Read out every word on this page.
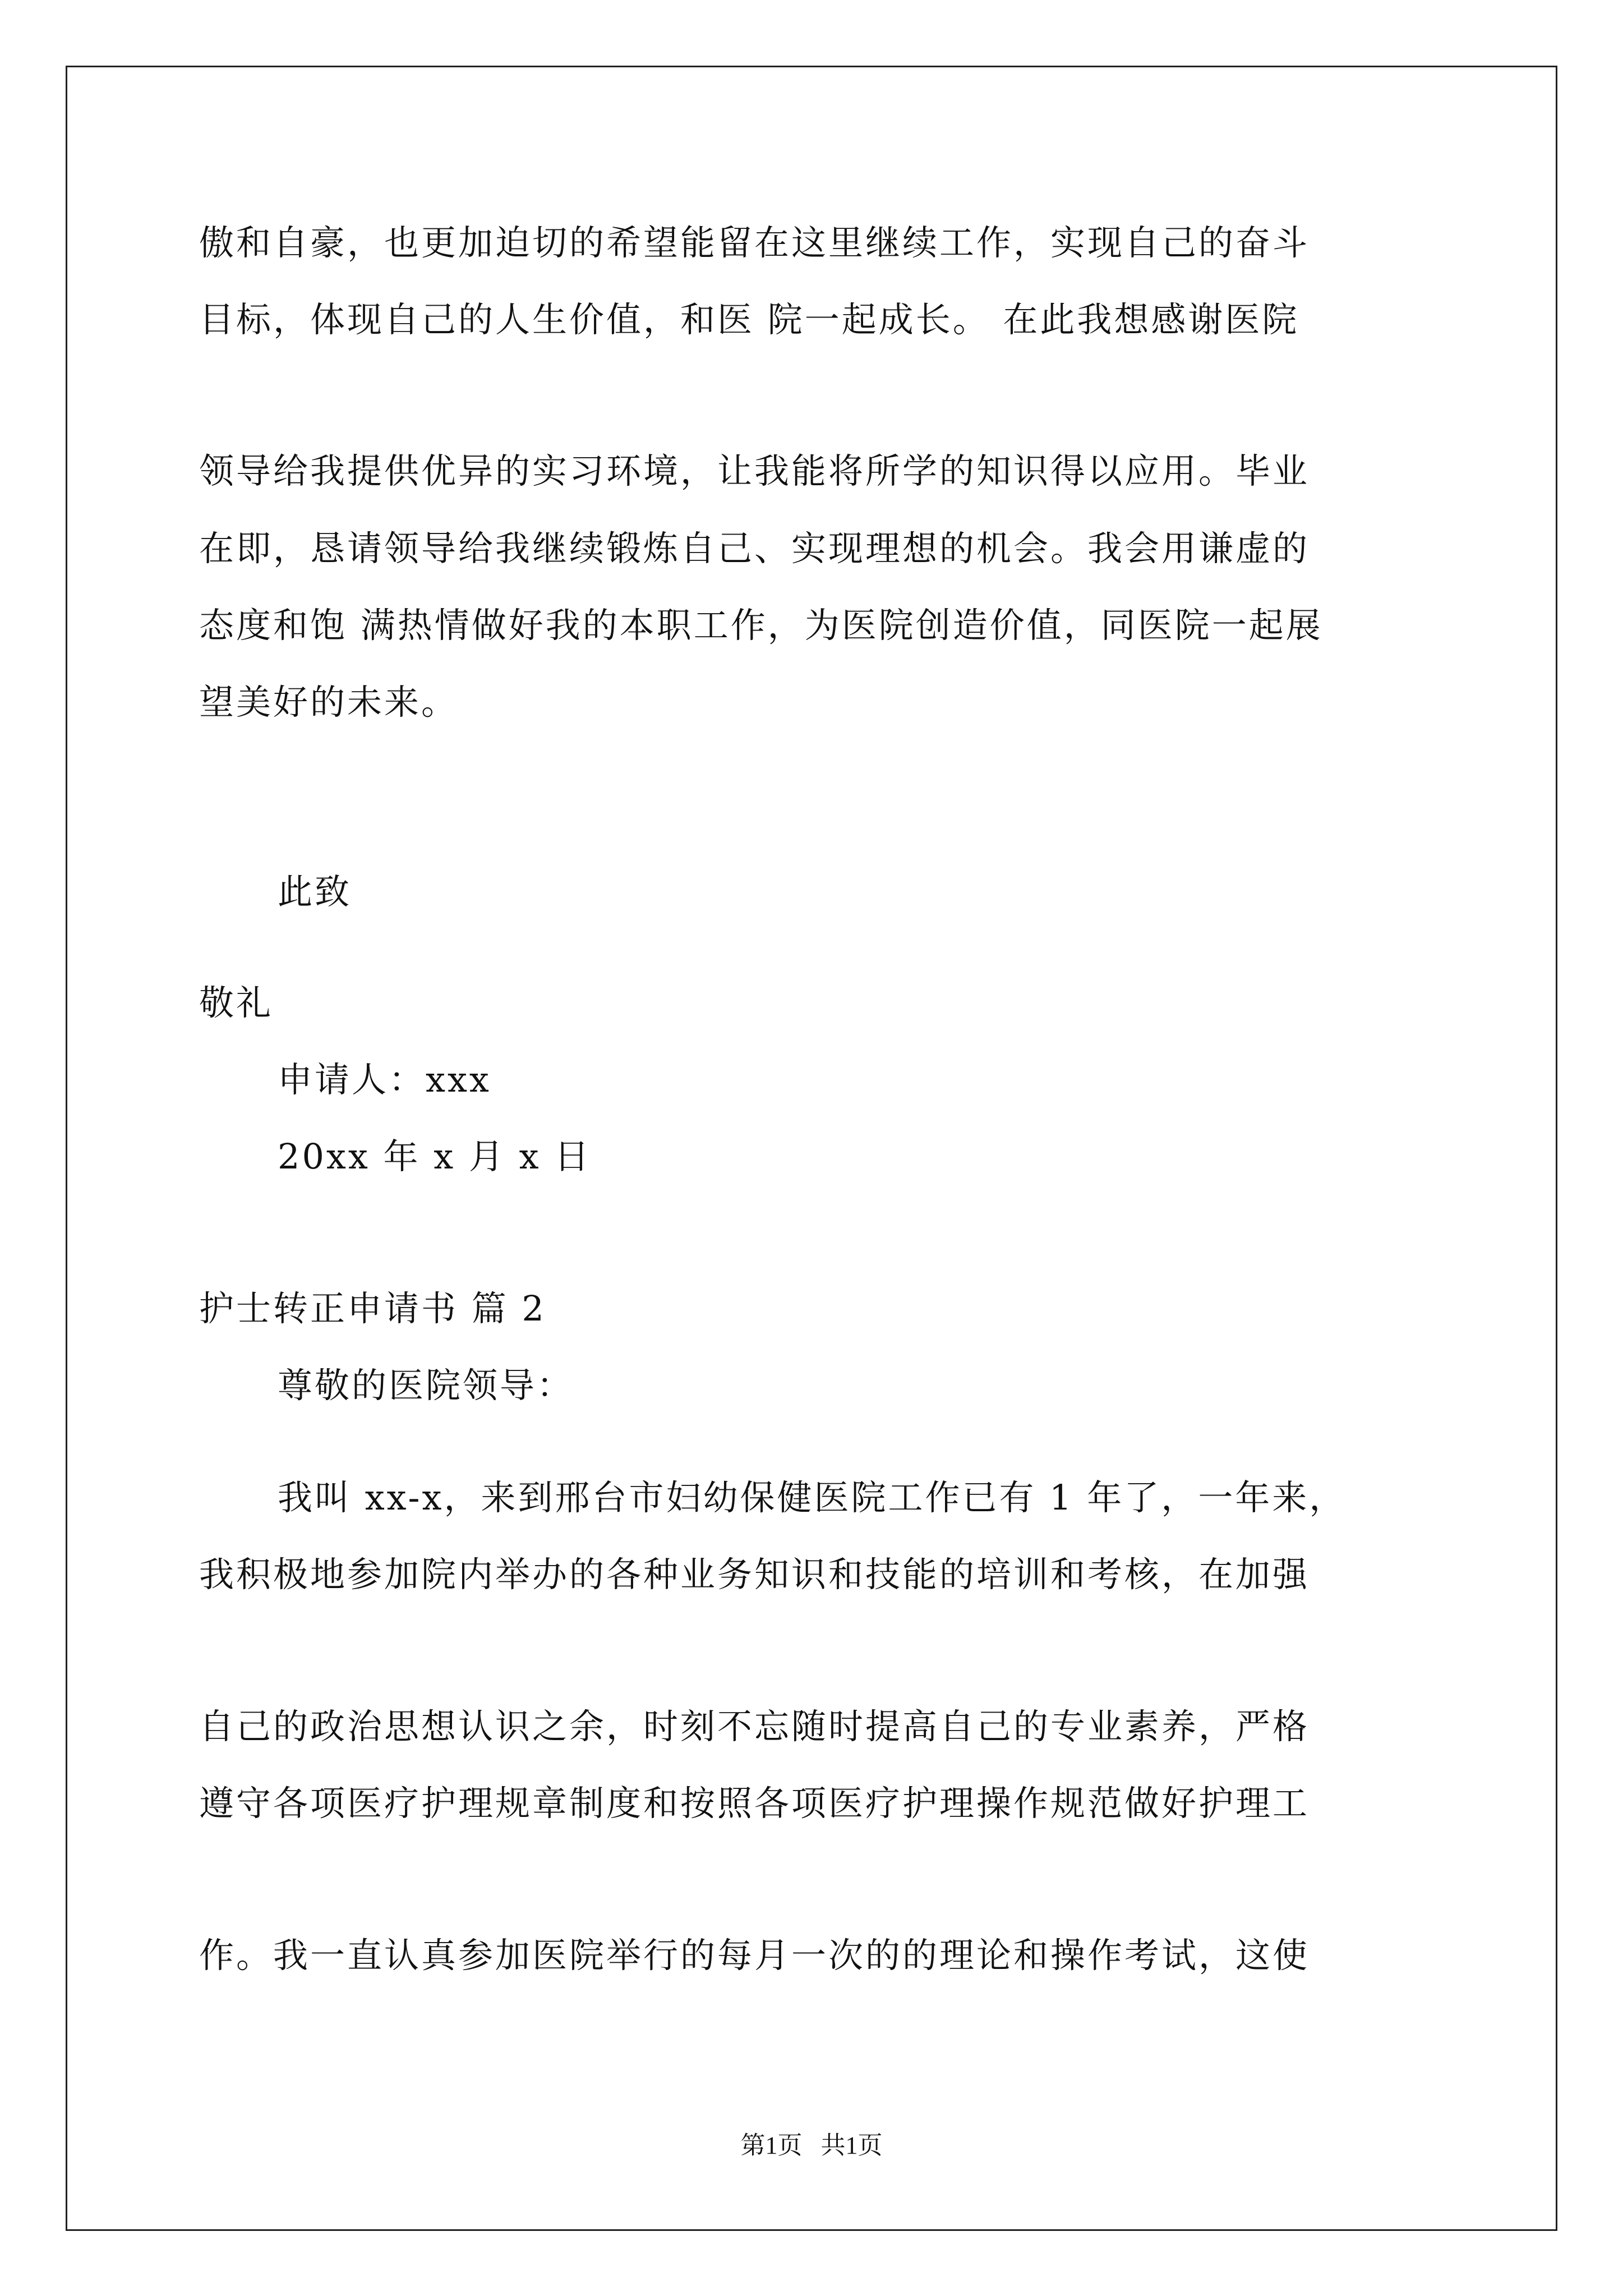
傲和自豪，也更加迫切的希望能留在这里继续工作，实现自己的奋斗
目标，体现自己的人生价值，和医 院一起成长。 在此我想感谢医院
领导给我提供优异的实习环境，让我能将所学的知识得以应用。毕业
在即，恳请领导给我继续锻炼自己、实现理想的机会。我会用谦虚的
态度和饱 满热情做好我的本职工作，为医院创造价值，同医院一起展
望美好的未来。
此致
敬礼
申请人：xxx
20xx 年 x 月 x 日
护士转正申请书 篇 2
尊敬的医院领导：
我叫 xx-x，来到邢台市妇幼保健医院工作已有 1 年了，一年来，
我积极地参加院内举办的各种业务知识和技能的培训和考核，在加强
自己的政治思想认识之余，时刻不忘随时提高自己的专业素养，严格
遵守各项医疗护理规章制度和按照各项医疗护理操作规范做好护理工
作。我一直认真参加医院举行的每月一次的的理论和操作考试，这使
第1页   共1页
